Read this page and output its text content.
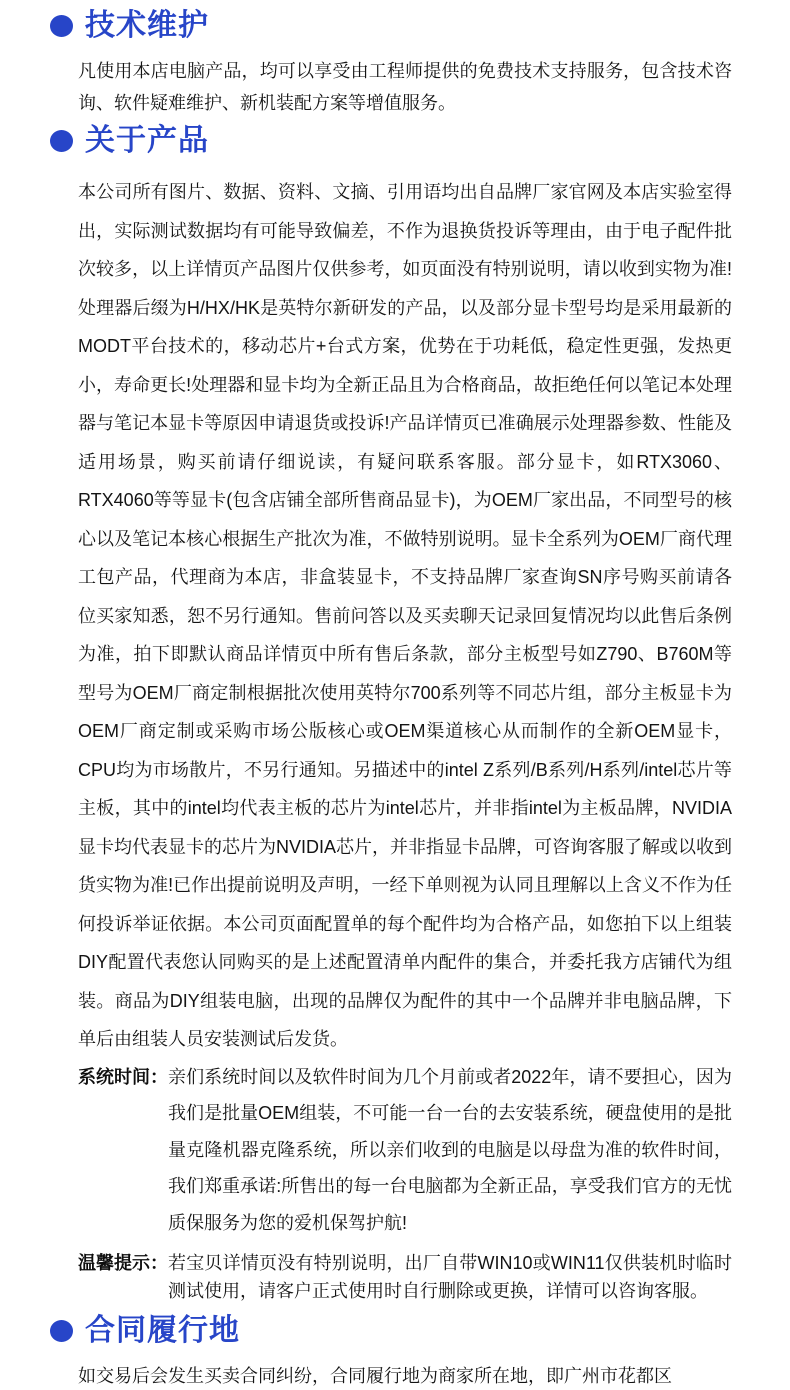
技术维护

凡使用本店电脑产品，均可以享受由工程师提供的免费技术支持服务，包含技术咨询、软件疑难维护、新机装配方案等增值服务。

关于产品

本公司所有图片、数据、资料、文摘、引用语均出自品牌厂家官网及本店实验室得出，实际测试数据均有可能导致偏差，不作为退换货投诉等理由，由于电子配件批次较多，以上详情页产品图片仅供参考，如页面没有特别说明，请以收到实物为准!处理器后缀为H/HX/HK是英特尔新研发的产品，以及部分显卡型号均是采用最新的MODT平台技术的，移动芯片+台式方案，优势在于功耗低，稳定性更强，发热更小，寿命更长!处理器和显卡均为全新正品且为合格商品，故拒绝任何以笔记本处理器与笔记本显卡等原因申请退货或投诉!产品详情页已准确展示处理器参数、性能及适用场景，购买前请仔细说读，有疑问联系客服。部分显卡，如RTX3060、RTX4060等等显卡(包含店铺全部所售商品显卡)，为OEM厂家出品，不同型号的核心以及笔记本核心根据生产批次为准，不做特别说明。显卡全系列为OEM厂商代理工包产品，代理商为本店，非盒装显卡，不支持品牌厂家查询SN序号购买前请各位买家知悉，恕不另行通知。售前问答以及买卖聊天记录回复情况均以此售后条例为准，拍下即默认商品详情页中所有售后条款，部分主板型号如Z790、B760M等型号为OEM厂商定制根据批次使用英特尔700系列等不同芯片组，部分主板显卡为OEM厂商定制或采购市场公版核心或OEM渠道核心从而制作的全新OEM显卡，CPU均为市场散片，不另行通知。另描述中的intel Z系列/B系列/H系列/intel芯片等主板，其中的intel均代表主板的芯片为intel芯片，并非指intel为主板品牌，NVIDIA显卡均代表显卡的芯片为NVIDIA芯片，并非指显卡品牌，可咨询客服了解或以收到货实物为准!已作出提前说明及声明，一经下单则视为认同且理解以上含义不作为任何投诉举证依据。本公司页面配置单的每个配件均为合格产品，如您拍下以上组装DIY配置代表您认同购买的是上述配置清单内配件的集合，并委托我方店铺代为组装。商品为DIY组装电脑，出现的品牌仅为配件的其中一个品牌并非电脑品牌，下单后由组装人员安装测试后发货。

系统时间： 亲们系统时间以及软件时间为几个月前或者2022年，请不要担心，因为我们是批量OEM组装，不可能一台一台的去安装系统，硬盘使用的是批量克隆机器克隆系统，所以亲们收到的电脑是以母盘为准的软件时间，我们郑重承诺:所售出的每一台电脑都为全新正品，享受我们官方的无忧质保服务为您的爱机保驾护航!
温馨提示： 若宝贝详情页没有特别说明，出厂自带WIN10或WIN11仅供装机时临时测试使用，请客户正式使用时自行删除或更换，详情可以咨询客服。
合同履行地

如交易后会发生买卖合同纠纷，合同履行地为商家所在地，即广州市花都区
